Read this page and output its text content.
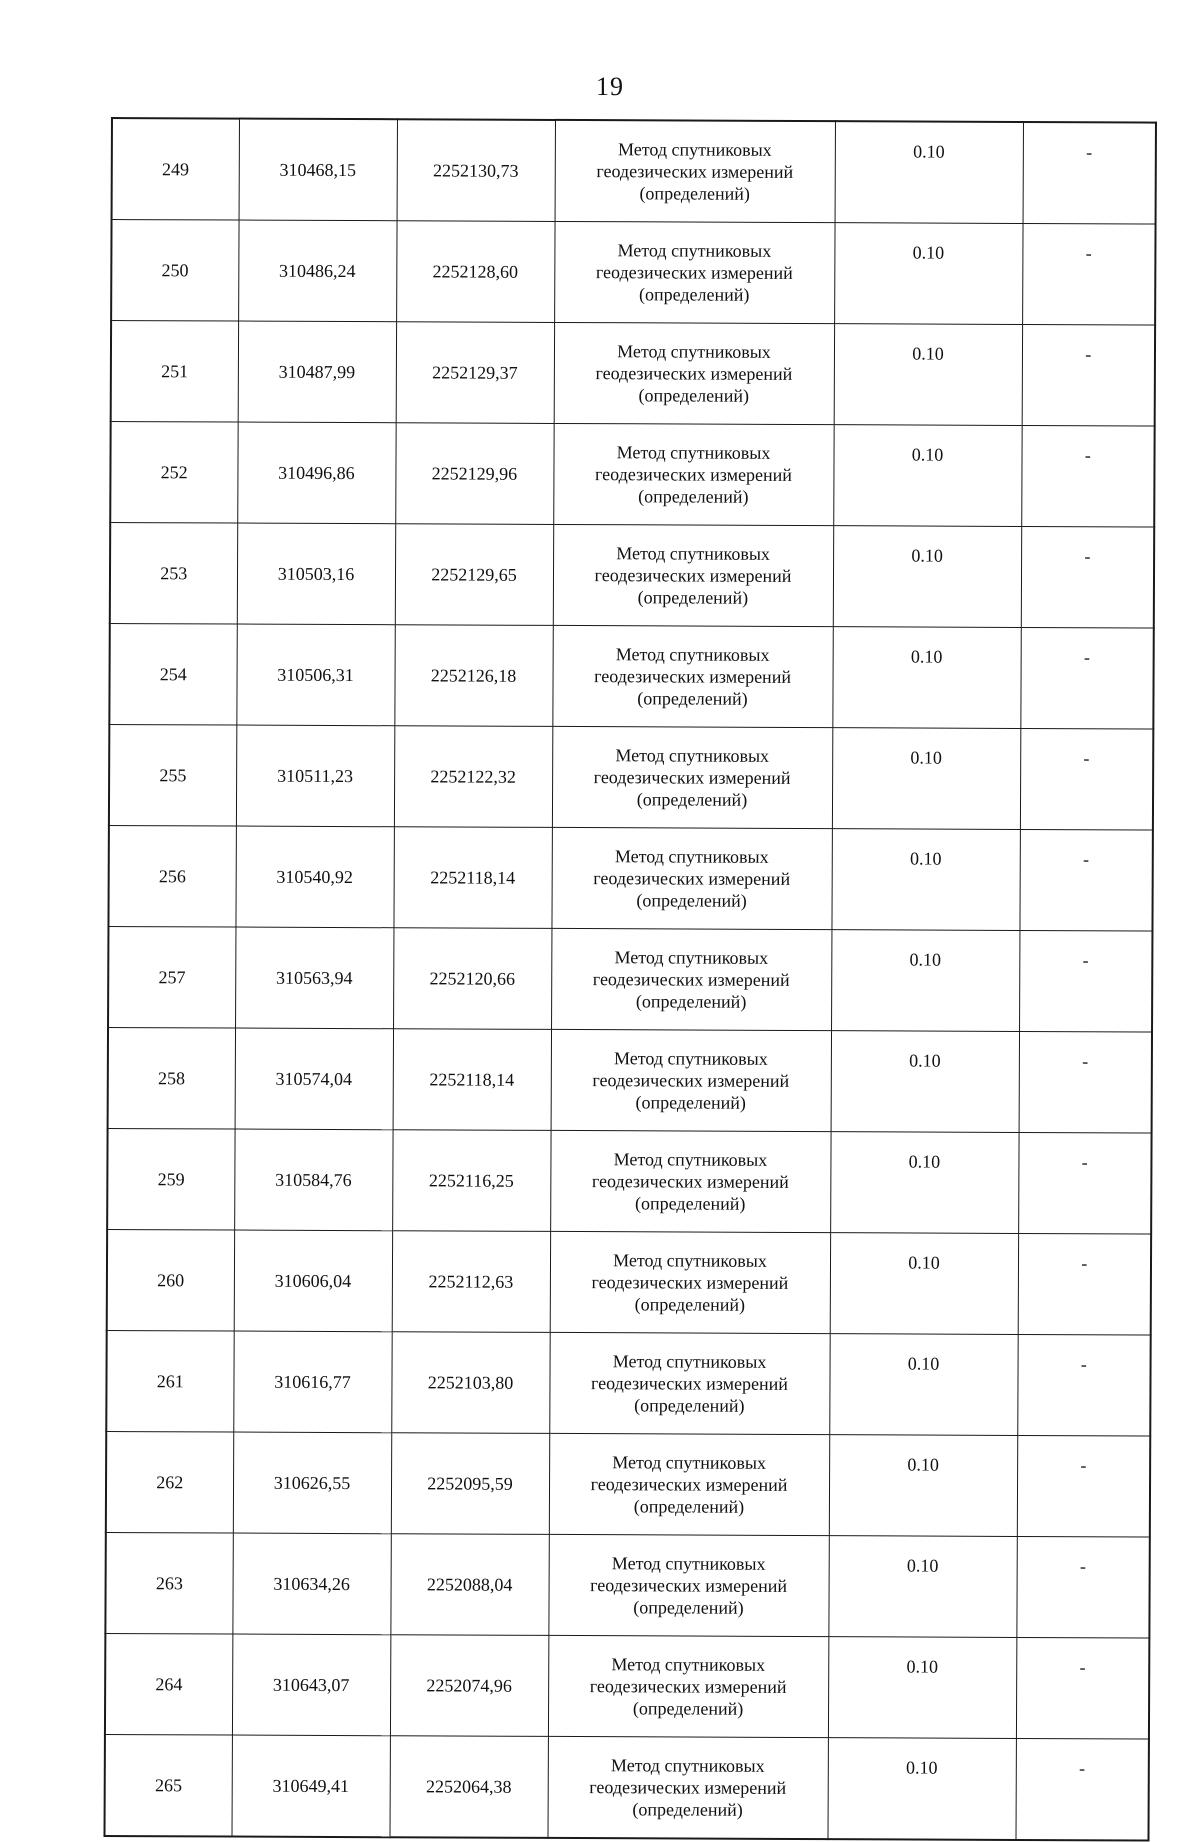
19
249	310468,15	2252130,73	Метод спутниковых
геодезических измерений
(определений)	0.10	-
250	310486,24	2252128,60	Метод спутниковых
геодезических измерений
(определений)	0.10	-
251	310487,99	2252129,37	Метод спутниковых
геодезических измерений
(определений)	0.10	-
252	310496,86	2252129,96	Метод спутниковых
геодезических измерений
(определений)	0.10	-
253	310503,16	2252129,65	Метод спутниковых
геодезических измерений
(определений)	0.10	-
254	310506,31	2252126,18	Метод спутниковых
геодезических измерений
(определений)	0.10	-
255	310511,23	2252122,32	Метод спутниковых
геодезических измерений
(определений)	0.10	-
256	310540,92	2252118,14	Метод спутниковых
геодезических измерений
(определений)	0.10	-
257	310563,94	2252120,66	Метод спутниковых
геодезических измерений
(определений)	0.10	-
258	310574,04	2252118,14	Метод спутниковых
геодезических измерений
(определений)	0.10	-
259	310584,76	2252116,25	Метод спутниковых
геодезических измерений
(определений)	0.10	-
260	310606,04	2252112,63	Метод спутниковых
геодезических измерений
(определений)	0.10	-
261	310616,77	2252103,80	Метод спутниковых
геодезических измерений
(определений)	0.10	-
262	310626,55	2252095,59	Метод спутниковых
геодезических измерений
(определений)	0.10	-
263	310634,26	2252088,04	Метод спутниковых
геодезических измерений
(определений)	0.10	-
264	310643,07	2252074,96	Метод спутниковых
геодезических измерений
(определений)	0.10	-
265	310649,41	2252064,38	Метод спутниковых
геодезических измерений
(определений)	0.10	-
